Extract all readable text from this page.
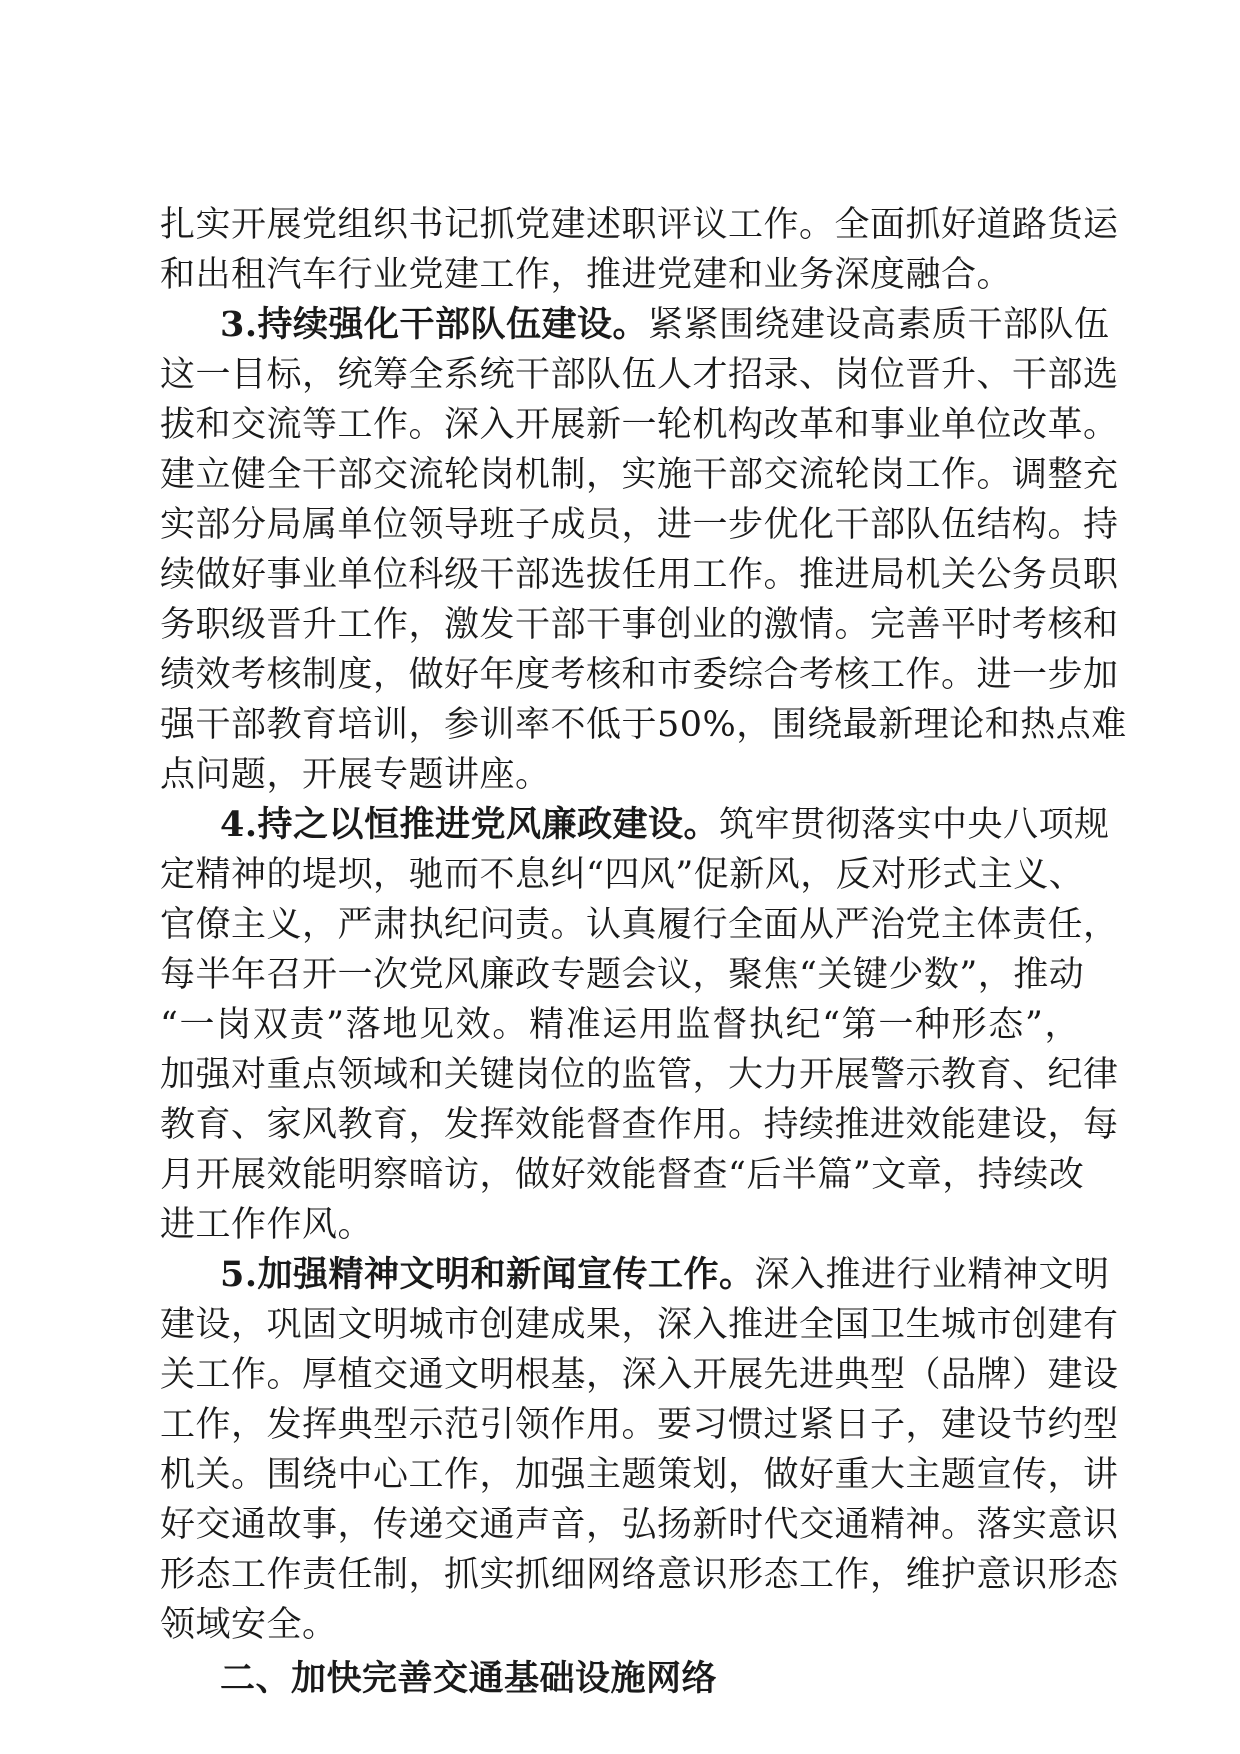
扎实开展党组织书记抓党建述职评议工作。全面抓好道路货运
和出租汽车行业党建工作，推进党建和业务深度融合。
3.持续强化干部队伍建设。紧紧围绕建设高素质干部队伍
这一目标，统筹全系统干部队伍人才招录、岗位晋升、干部选
拔和交流等工作。深入开展新一轮机构改革和事业单位改革。
建立健全干部交流轮岗机制，实施干部交流轮岗工作。调整充
实部分局属单位领导班子成员，进一步优化干部队伍结构。持
续做好事业单位科级干部选拔任用工作。推进局机关公务员职
务职级晋升工作，激发干部干事创业的激情。完善平时考核和
绩效考核制度，做好年度考核和市委综合考核工作。进一步加
强干部教育培训，参训率不低于50%，围绕最新理论和热点难
点问题，开展专题讲座。
4.持之以恒推进党风廉政建设。筑牢贯彻落实中央八项规
定精神的堤坝，驰而不息纠“四风”促新风，反对形式主义、
官僚主义，严肃执纪问责。认真履行全面从严治党主体责任，
每半年召开一次党风廉政专题会议，聚焦“关键少数”，推动
“一岗双责”落地见效。精准运用监督执纪“第一种形态”，
加强对重点领域和关键岗位的监管，大力开展警示教育、纪律
教育、家风教育，发挥效能督查作用。持续推进效能建设，每
月开展效能明察暗访，做好效能督查“后半篇”文章，持续改
进工作作风。
5.加强精神文明和新闻宣传工作。深入推进行业精神文明
建设，巩固文明城市创建成果，深入推进全国卫生城市创建有
关工作。厚植交通文明根基，深入开展先进典型（品牌）建设
工作，发挥典型示范引领作用。要习惯过紧日子，建设节约型
机关。围绕中心工作，加强主题策划，做好重大主题宣传，讲
好交通故事，传递交通声音，弘扬新时代交通精神。落实意识
形态工作责任制，抓实抓细网络意识形态工作，维护意识形态
领域安全。
二、加快完善交通基础设施网络
